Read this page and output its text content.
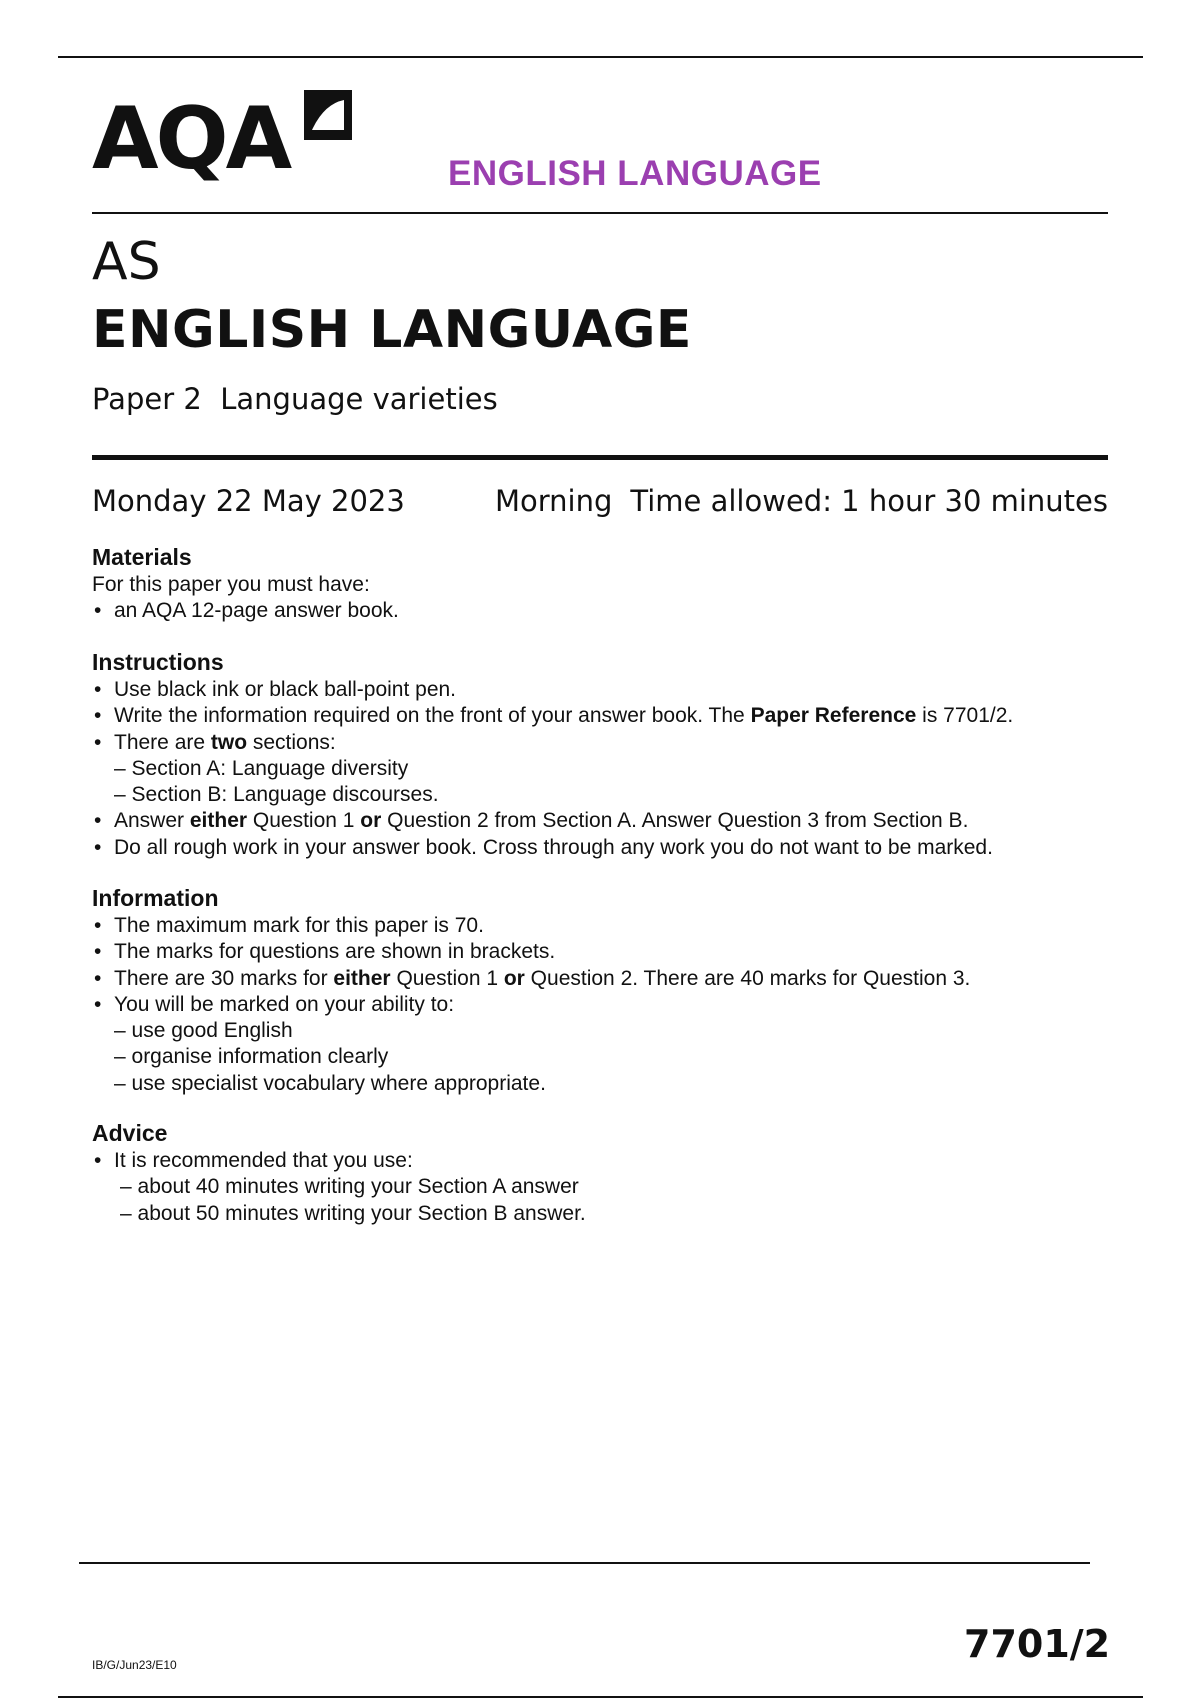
AQA	ENGLISH LANGUAGE
AS
ENGLISH LANGUAGE
Paper 2  Language varieties
Monday 22 May 2023	Morning Time allowed: 1 hour 30 minutes
Materials
For this paper you must have:
• an AQA 12-page answer book.
Instructions
• Use black ink or black ball-point pen.
• Write the information required on the front of your answer book. The Paper Reference is 7701/2.
• There are two sections:
– Section A: Language diversity
– Section B: Language discourses.
• Answer either Question 1 or Question 2 from Section A. Answer Question 3 from Section B.
• Do all rough work in your answer book. Cross through any work you do not want to be marked.
Information
• The maximum mark for this paper is 70.
• The marks for questions are shown in brackets.
• There are 30 marks for either Question 1 or Question 2. There are 40 marks for Question 3.
• You will be marked on your ability to:
– use good English
– organise information clearly
– use specialist vocabulary where appropriate.
Advice
• It is recommended that you use:
– about 40 minutes writing your Section A answer
– about 50 minutes writing your Section B answer.
IB/G/Jun23/E10	7701/2
